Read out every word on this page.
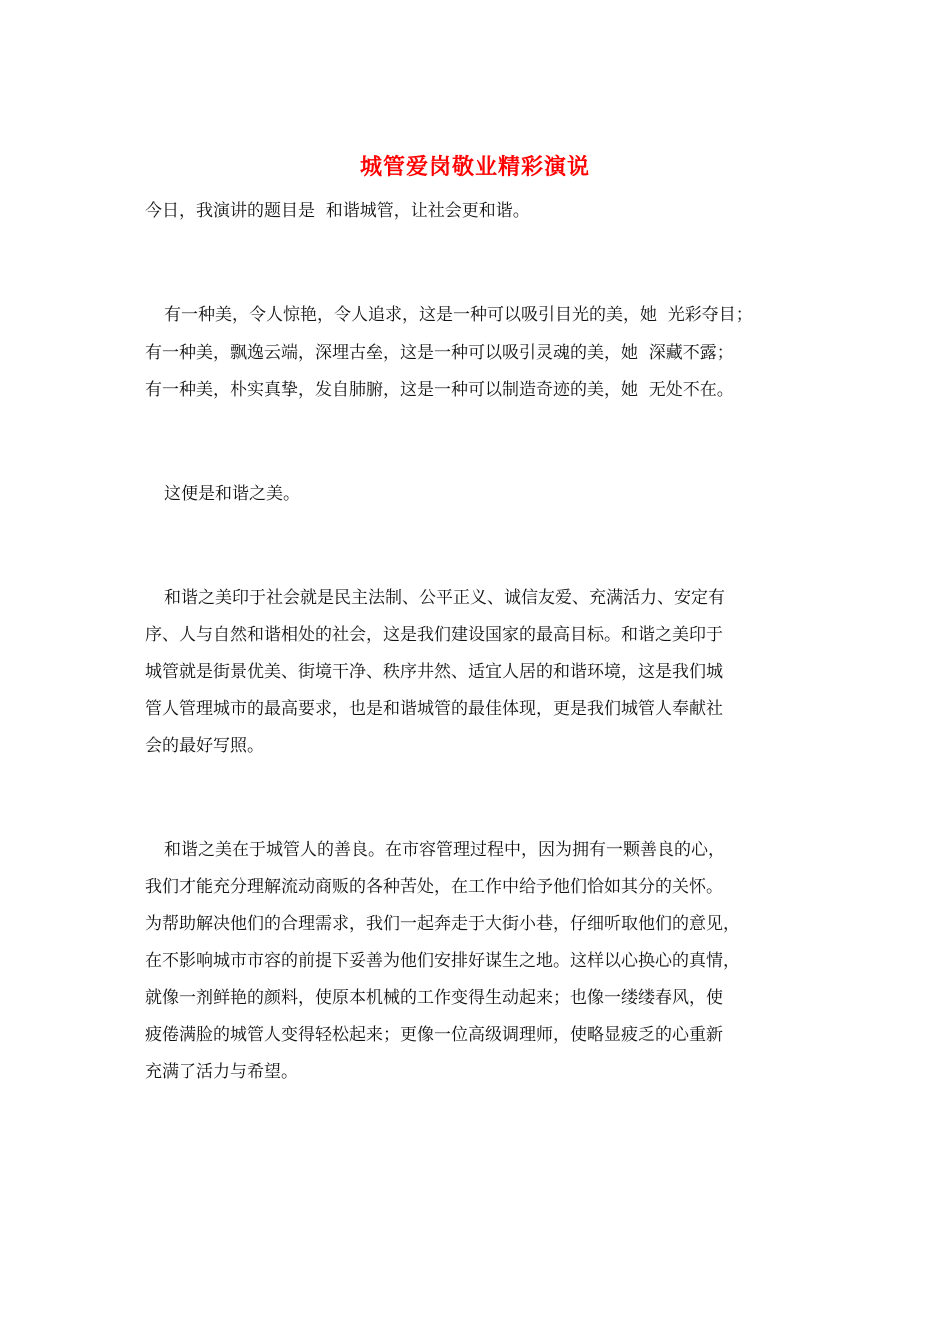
城管爱岗敬业精彩演说

今日，我演讲的题目是  和谐城管，让社会更和谐。

有一种美，令人惊艳，令人追求，这是一种可以吸引目光的美，她  光彩夺目；

有一种美，飘逸云端，深埋古垒，这是一种可以吸引灵魂的美，她  深藏不露；

有一种美，朴实真挚，发自肺腑，这是一种可以制造奇迹的美，她  无处不在。

这便是和谐之美。

和谐之美印于社会就是民主法制、公平正义、诚信友爱、充满活力、安定有

序、人与自然和谐相处的社会，这是我们建设国家的最高目标。和谐之美印于

城管就是街景优美、街境干净、秩序井然、适宜人居的和谐环境，这是我们城

管人管理城市的最高要求，也是和谐城管的最佳体现，更是我们城管人奉献社

会的最好写照。

和谐之美在于城管人的善良。在市容管理过程中，因为拥有一颗善良的心，

我们才能充分理解流动商贩的各种苦处，在工作中给予他们恰如其分的关怀。

为帮助解决他们的合理需求，我们一起奔走于大街小巷，仔细听取他们的意见，

在不影响城市市容的前提下妥善为他们安排好谋生之地。这样以心换心的真情，

就像一剂鲜艳的颜料，使原本机械的工作变得生动起来；也像一缕缕春风，使

疲倦满脸的城管人变得轻松起来；更像一位高级调理师，使略显疲乏的心重新

充满了活力与希望。
